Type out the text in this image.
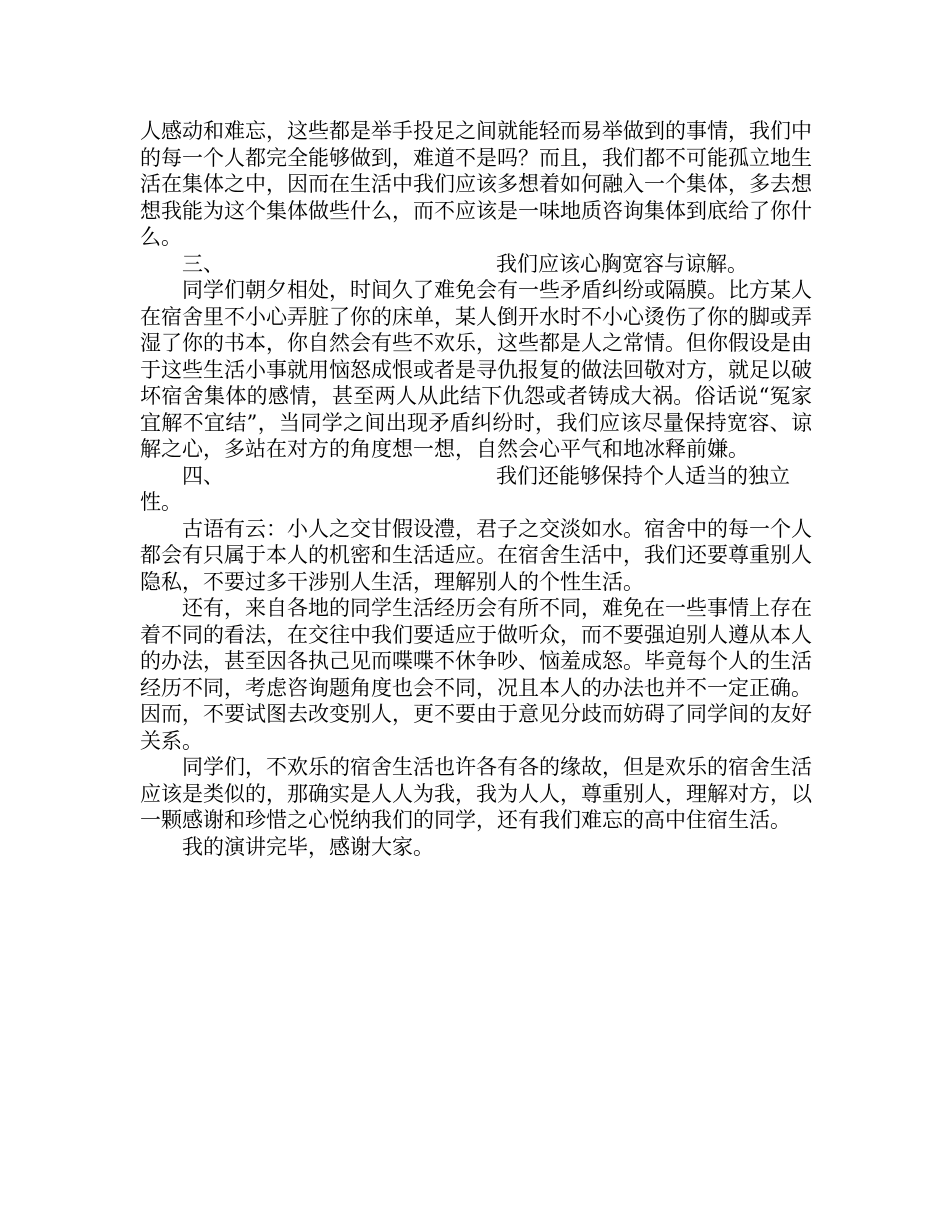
人感动和难忘，这些都是举手投足之间就能轻而易举做到的事情，我们中的每一个人都完全能够做到，难道不是吗？而且，我们都不可能孤立地生活在集体之中，因而在生活中我们应该多想着如何融入一个集体，多去想想我能为这个集体做些什么，而不应该是一味地质咨询集体到底给了你什么。

三、	我们应该心胸宽容与谅解。

同学们朝夕相处，时间久了难免会有一些矛盾纠纷或隔膜。比方某人在宿舍里不小心弄脏了你的床单，某人倒开水时不小心烫伤了你的脚或弄湿了你的书本，你自然会有些不欢乐，这些都是人之常情。但你假设是由于这些生活小事就用恼怒成恨或者是寻仇报复的做法回敬对方，就足以破坏宿舍集体的感情，甚至两人从此结下仇怨或者铸成大祸。俗话说“冤家宜解不宜结”，当同学之间出现矛盾纠纷时，我们应该尽量保持宽容、谅解之心，多站在对方的角度想一想，自然会心平气和地冰释前嫌。

四、	我们还能够保持个人适当的独立

性。

古语有云：小人之交甘假设澧，君子之交淡如水。宿舍中的每一个人都会有只属于本人的机密和生活适应。在宿舍生活中，我们还要尊重别人隐私，不要过多干涉别人生活，理解别人的个性生活。

还有，来自各地的同学生活经历会有所不同，难免在一些事情上存在着不同的看法，在交往中我们要适应于做听众，而不要强迫别人遵从本人的办法，甚至因各执己见而喋喋不休争吵、恼羞成怒。毕竟每个人的生活经历不同，考虑咨询题角度也会不同，况且本人的办法也并不一定正确。因而，不要试图去改变别人，更不要由于意见分歧而妨碍了同学间的友好关系。

同学们，不欢乐的宿舍生活也许各有各的缘故，但是欢乐的宿舍生活应该是类似的，那确实是人人为我，我为人人，尊重别人，理解对方，以一颗感谢和珍惜之心悦纳我们的同学，还有我们难忘的高中住宿生活。

我的演讲完毕，感谢大家。
